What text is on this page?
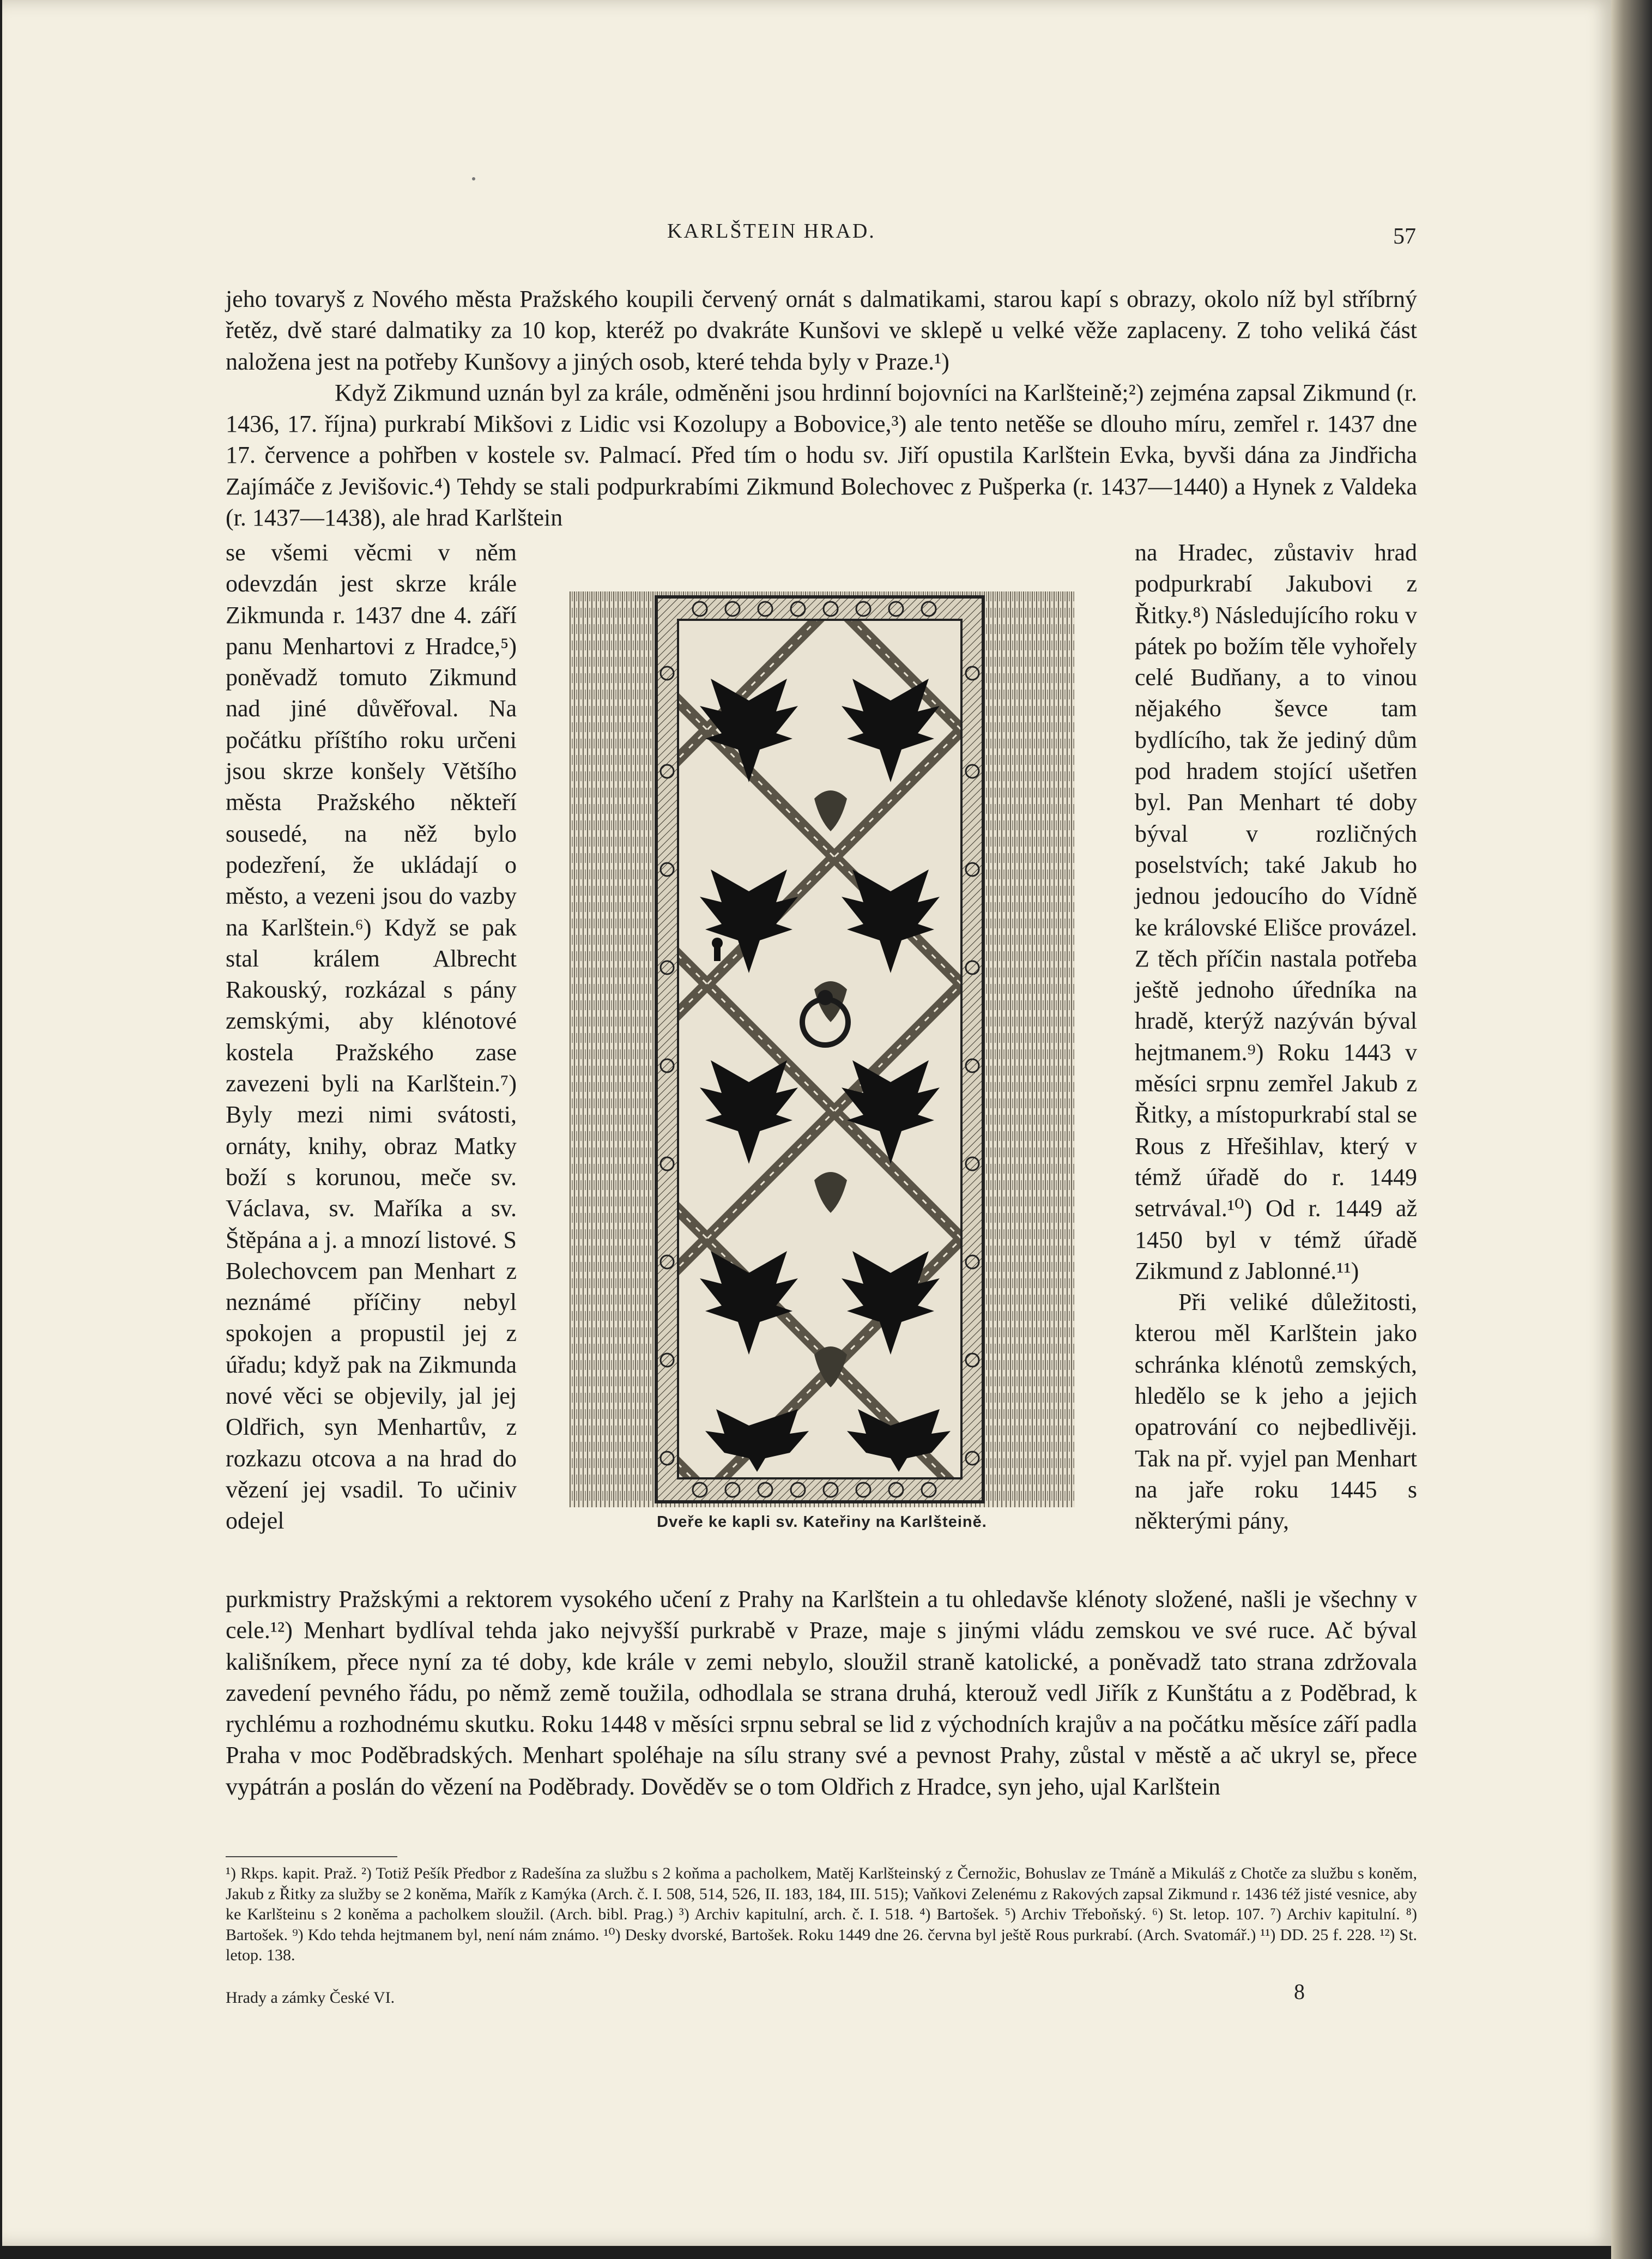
KARLŠTEIN HRAD.	57

jeho tovaryš z Nového města Pražského koupili červený ornát s dalmatikami, starou kapí s obrazy, okolo níž byl stříbrný řetěz, dvě staré dalmatiky za 10 kop, kteréž po dvakráte Kunšovi ve sklepě u velké věže zaplaceny. Z toho veliká část naložena jest na potřeby Kunšovy a jiných osob, které tehda byly v Praze.¹)

Když Zikmund uznán byl za krále, odměněni jsou hrdinní bojovníci na Karlšteině;²) zejména zapsal Zikmund (r. 1436, 17. října) purkrabí Mikšovi z Lidic vsi Kozolupy a Bobovice,³) ale tento netěše se dlouho míru, zemřel r. 1437 dne 17. července a pohřben v kostele sv. Palmací. Před tím o hodu sv. Jiří opustila Karlštein Evka, byvši dána za Jindřicha Zajímáče z Jevišovic.⁴) Tehdy se stali podpurkrabími Zikmund Bolechovec z Pušperka (r. 1437—1440) a Hynek z Valdeka (r. 1437—1438), ale hrad Karlštein

se všemi věcmi v něm odevzdán jest skrze krále Zikmunda r. 1437 dne 4. září panu Menhartovi z Hradce,⁵) poněvadž tomuto Zikmund nad jiné důvěřoval. Na počátku příštího roku určeni jsou skrze konšely Většího města Pražského někteří sousedé, na něž bylo podezření, že ukládají o město, a vezeni jsou do vazby na Karlštein.⁶) Když se pak stal králem Albrecht Rakouský, rozkázal s pány zemskými, aby klénotové kostela Pražského zase zavezeni byli na Karlštein.⁷) Byly mezi nimi svátosti, ornáty, knihy, obraz Matky boží s korunou, meče sv. Václava, sv. Maříka a sv. Štěpána a j. a mnozí listové. S Bolechovcem pan Menhart z neznámé příčiny nebyl spokojen a propustil jej z úřadu; když pak na Zikmunda nové věci se objevily, jal jej Oldřich, syn Menhartův, z rozkazu otcova a na hrad do vězení jej vsadil. To učiniv odejel	Dveře ke kapli sv. Kateřiny na Karlšteině.

na Hradec, zůstaviv hrad podpurkrabí Jakubovi z Řitky.⁸) Následujícího roku v pátek po božím těle vyhořely celé Budňany, a to vinou nějakého ševce tam bydlícího, tak že jediný dům pod hradem stojící ušetřen byl. Pan Menhart té doby býval v rozličných poselstvích; také Jakub ho jednou jedoucího do Vídně ke královské Elišce provázel. Z těch příčin nastala potřeba ještě jednoho úředníka na hradě, kterýž nazýván býval hejtmanem.⁹) Roku 1443 v měsíci srpnu zemřel Jakub z Řitky, a místopurkrabí stal se Rous z Hřešihlav, který v témž úřadě do r. 1449 setrvával.¹⁰) Od r. 1449 až 1450 byl v témž úřadě Zikmund z Jablonné.¹¹)

Při veliké důležitosti, kterou měl Karlštein jako schránka klénotů zemských, hledělo se k jeho a jejich opatrování co nejbedlivěji. Tak na př. vyjel pan Menhart na jaře roku 1445 s některými pány,

purkmistry Pražskými a rektorem vysokého učení z Prahy na Karlštein a tu ohledavše klénoty složené, našli je všechny v cele.¹²) Menhart bydlíval tehda jako nejvyšší purkrabě v Praze, maje s jinými vládu zemskou ve své ruce. Ač býval kališníkem, přece nyní za té doby, kde krále v zemi nebylo, sloužil straně katolické, a poněvadž tato strana zdržovala zavedení pevného řádu, po němž země toužila, odhodlala se strana druhá, kterouž vedl Jiřík z Kunštátu a z Poděbrad, k rychlému a rozhodnému skutku. Roku 1448 v měsíci srpnu sebral se lid z východních krajův a na počátku měsíce září padla Praha v moc Poděbradských. Menhart spoléhaje na sílu strany své a pevnost Prahy, zůstal v městě a ač ukryl se, přece vypátrán a poslán do vězení na Poděbrady. Dověděv se o tom Oldřich z Hradce, syn jeho, ujal Karlštein

¹) Rkps. kapit. Praž. ²) Totiž Pešík Předbor z Radešína za službu s 2 koňma a pacholkem, Matěj Karlšteinský z Černožic, Bohuslav ze Tmáně a Mikuláš z Chotče za službu s koněm, Jakub z Řitky za služby se 2 koněma, Mařík z Kamýka (Arch. č. I. 508, 514, 526, II. 183, 184, III. 515); Vaňkovi Zelenému z Rakových zapsal Zikmund r. 1436 též jisté vesnice, aby ke Karlšteinu s 2 koněma a pacholkem sloužil. (Arch. bibl. Prag.) ³) Archiv kapitulní, arch. č. I. 518. ⁴) Bartošek. ⁵) Archiv Třeboňský. ⁶) St. letop. 107. ⁷) Archiv kapitulní. ⁸) Bartošek. ⁹) Kdo tehda hejtmanem byl, není nám známo. ¹⁰) Desky dvorské, Bartošek. Roku 1449 dne 26. června byl ještě Rous purkrabí. (Arch. Svatomář.) ¹¹) DD. 25 f. 228. ¹²) St. letop. 138.

Hrady a zámky České VI.	8
